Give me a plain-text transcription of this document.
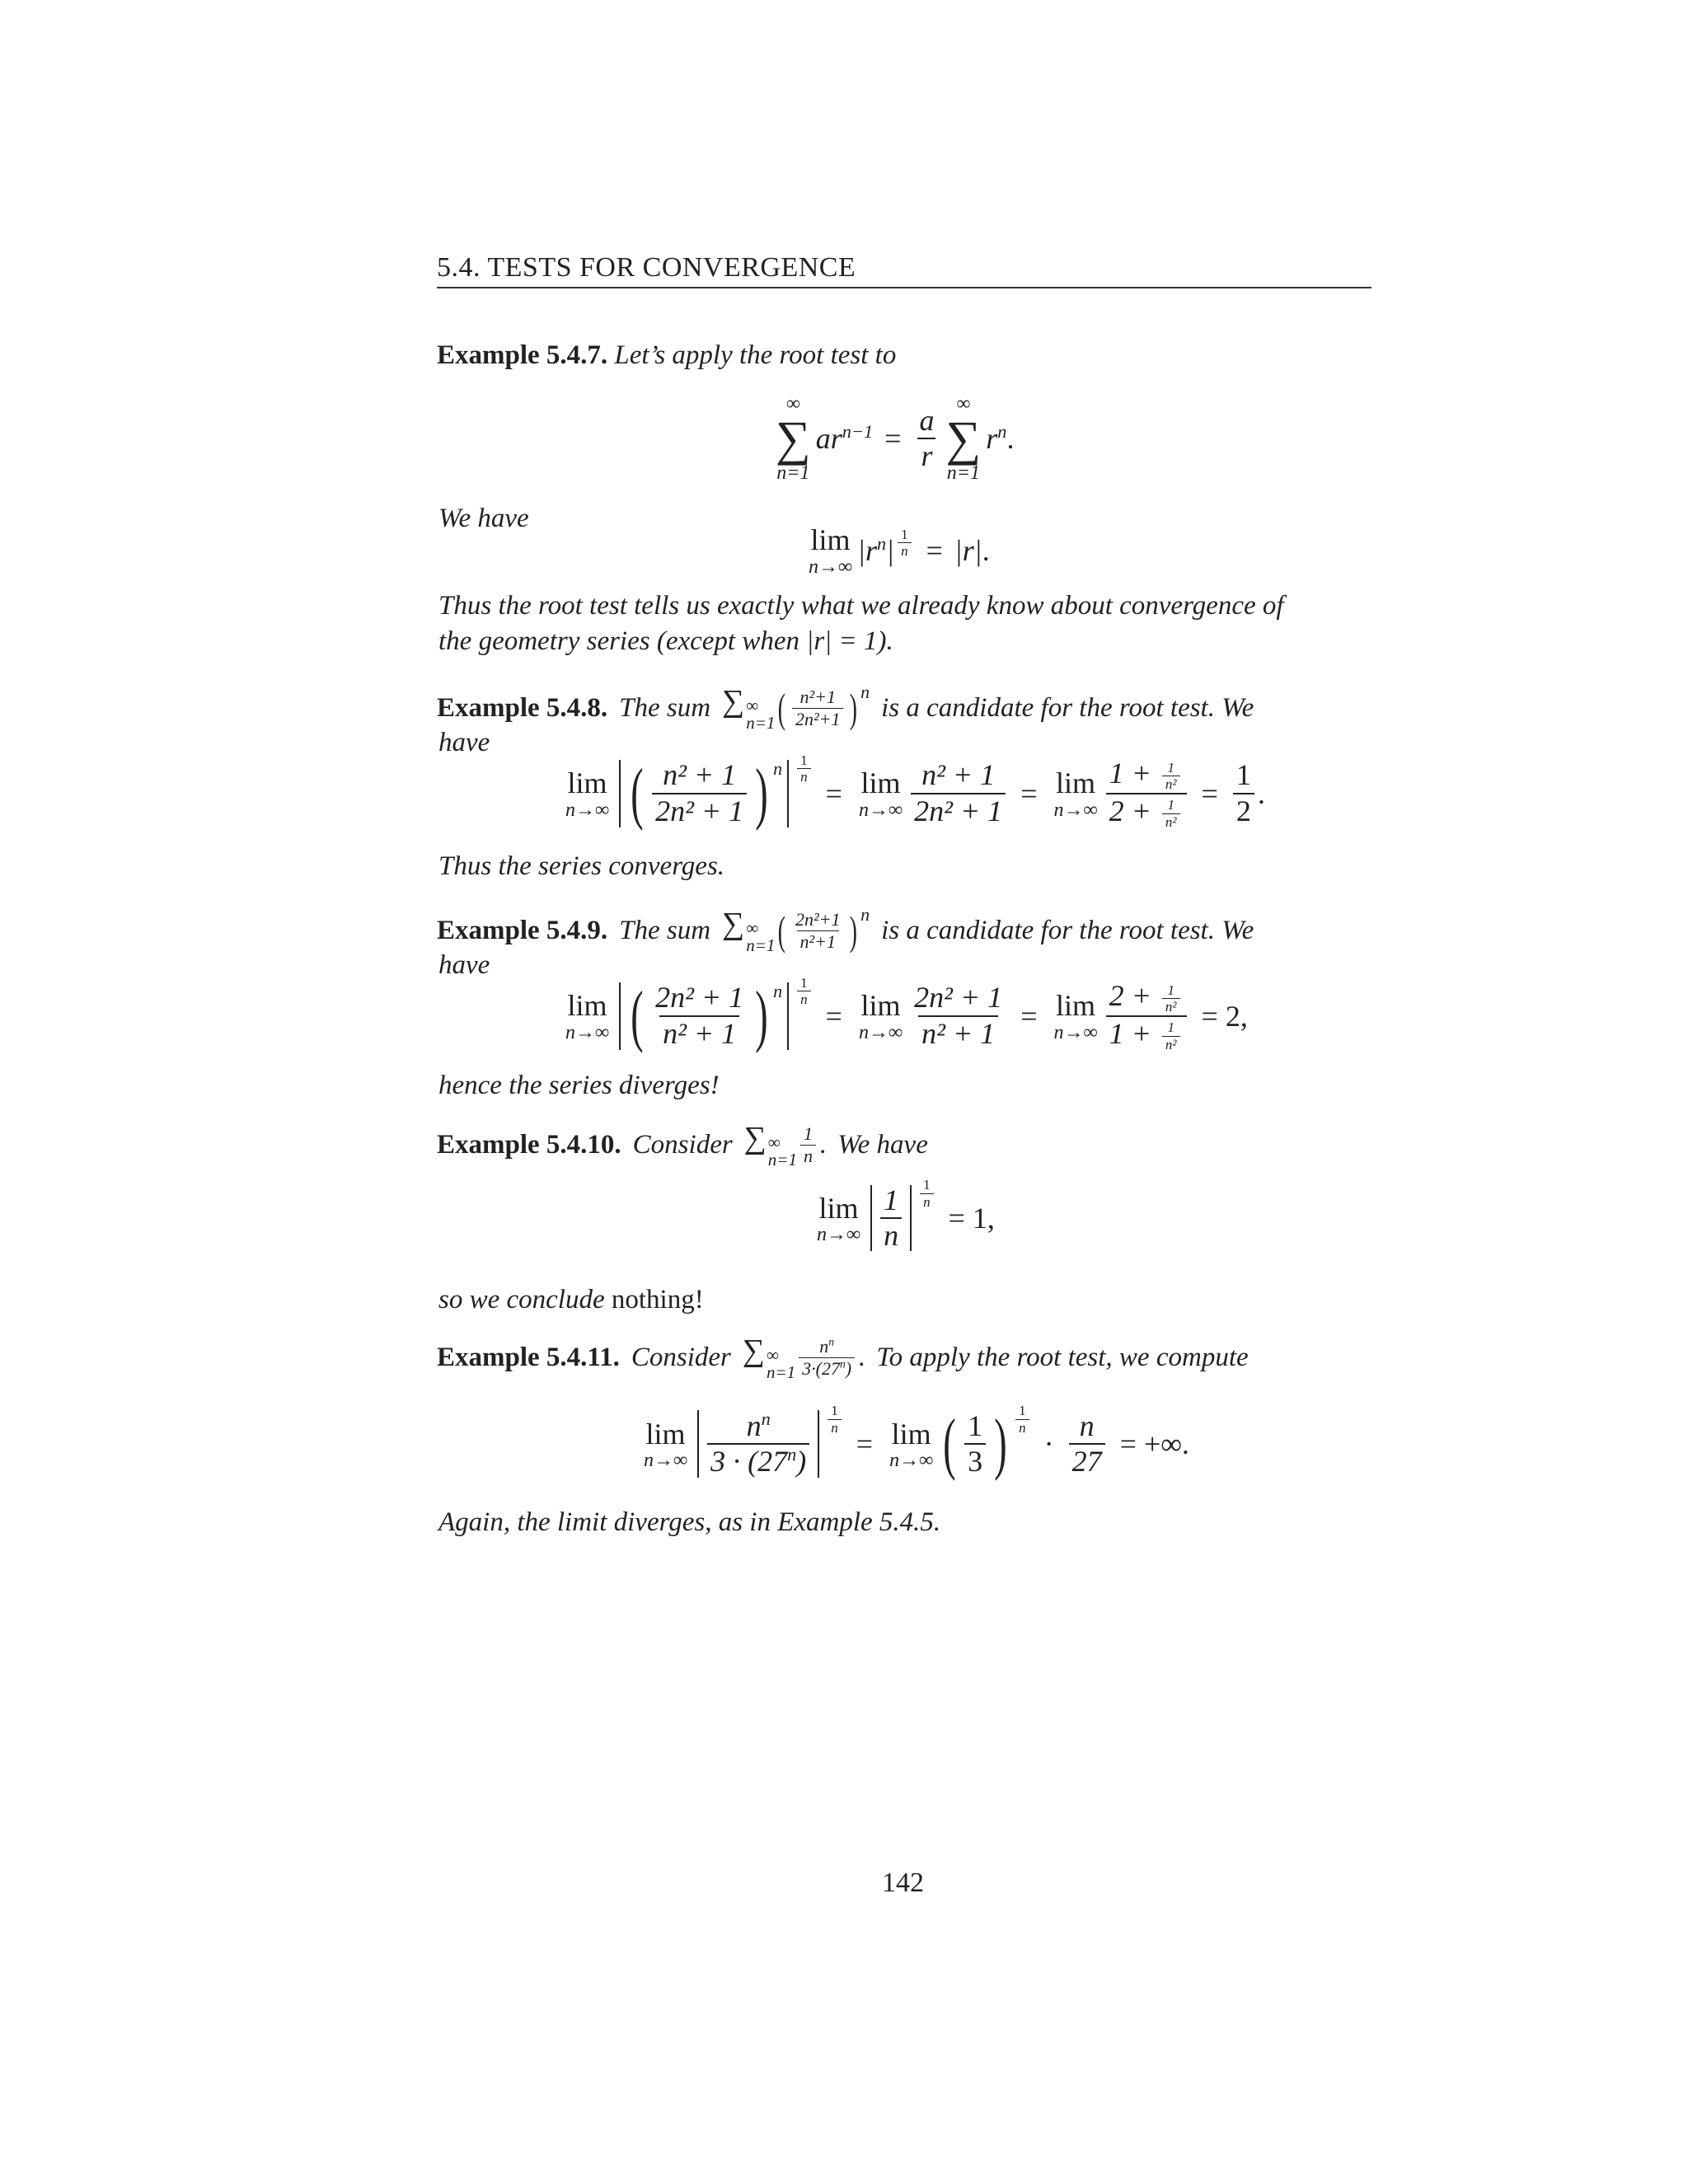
5.4. TESTS FOR CONVERGENCE
Example 5.4.7. Let’s apply the root test to
∞
∑
n=1
$ar^{n-1} = \frac{a}{r}$ ∞
∑
n=1
$r^n$ .
We have
lim
n→∞ $|r^n| \frac{1}{n} = |r|$ .
Thus the root test tells us exactly what we already know about convergence of
the geometry series (except when |r| = 1).
Example 5.4.8. The sum ∑ ∞
n=1 ( $\frac{\text{n²+1}}{\text{2n²+1}}$ ) n
is a candidate for the root test. We
have
lim
n→∞ ( $\frac{\text{n² + 1}}{\text{2n² + 1}}$ ) n $\frac{1}{n}$
= lim
$n\to\infty \frac{\text{n² + 1}}{\text{2n² + 1}} = \lim$
$n\to\infty \frac{1 + \frac{1}{\text{n²}}}{2 + \frac{1}{\text{n²}}} = \frac{1}{2}$ .
Thus the series converges.
Example 5.4.9. The sum ∑ ∞
n=1 ( $\frac{\text{2n²+1}}{\text{n²+1}}$ ) n
is a candidate for the root test. We
have
lim
n→∞ ( $\frac{\text{2n² + 1}}{\text{n² + 1}}$ ) n $\frac{1}{n}$
= lim
$n\to\infty \frac{\text{2n² + 1}}{\text{n² + 1}} = \lim$
$n\to\infty \frac{2 + \frac{1}{\text{n²}}}{1 + \frac{1}{\text{n²}}} = 2$,
hence the series diverges!
Example 5.4.10. Consider ∑ ∞
$n=1 \frac{1}{n}$ . We have
lim
$n\to\infty \frac{1}{n} \frac{1}{n}$
= 1,
so we conclude nothing!
Example 5.4.11. Consider ∑ ∞
$n=1 \frac{n^n}{3\cdot(27^n)}$ . To apply the root test, we compute
lim
$n\to\infty \frac{n^n}{3 \cdot (27^n)} \frac{1}{n}$
= lim
n→∞ ( $\frac{1}{3}$ ) $\frac{1}{n}$
· $\frac{n}{27}$ = +∞.
Again, the limit diverges, as in Example 5.4.5.
142
